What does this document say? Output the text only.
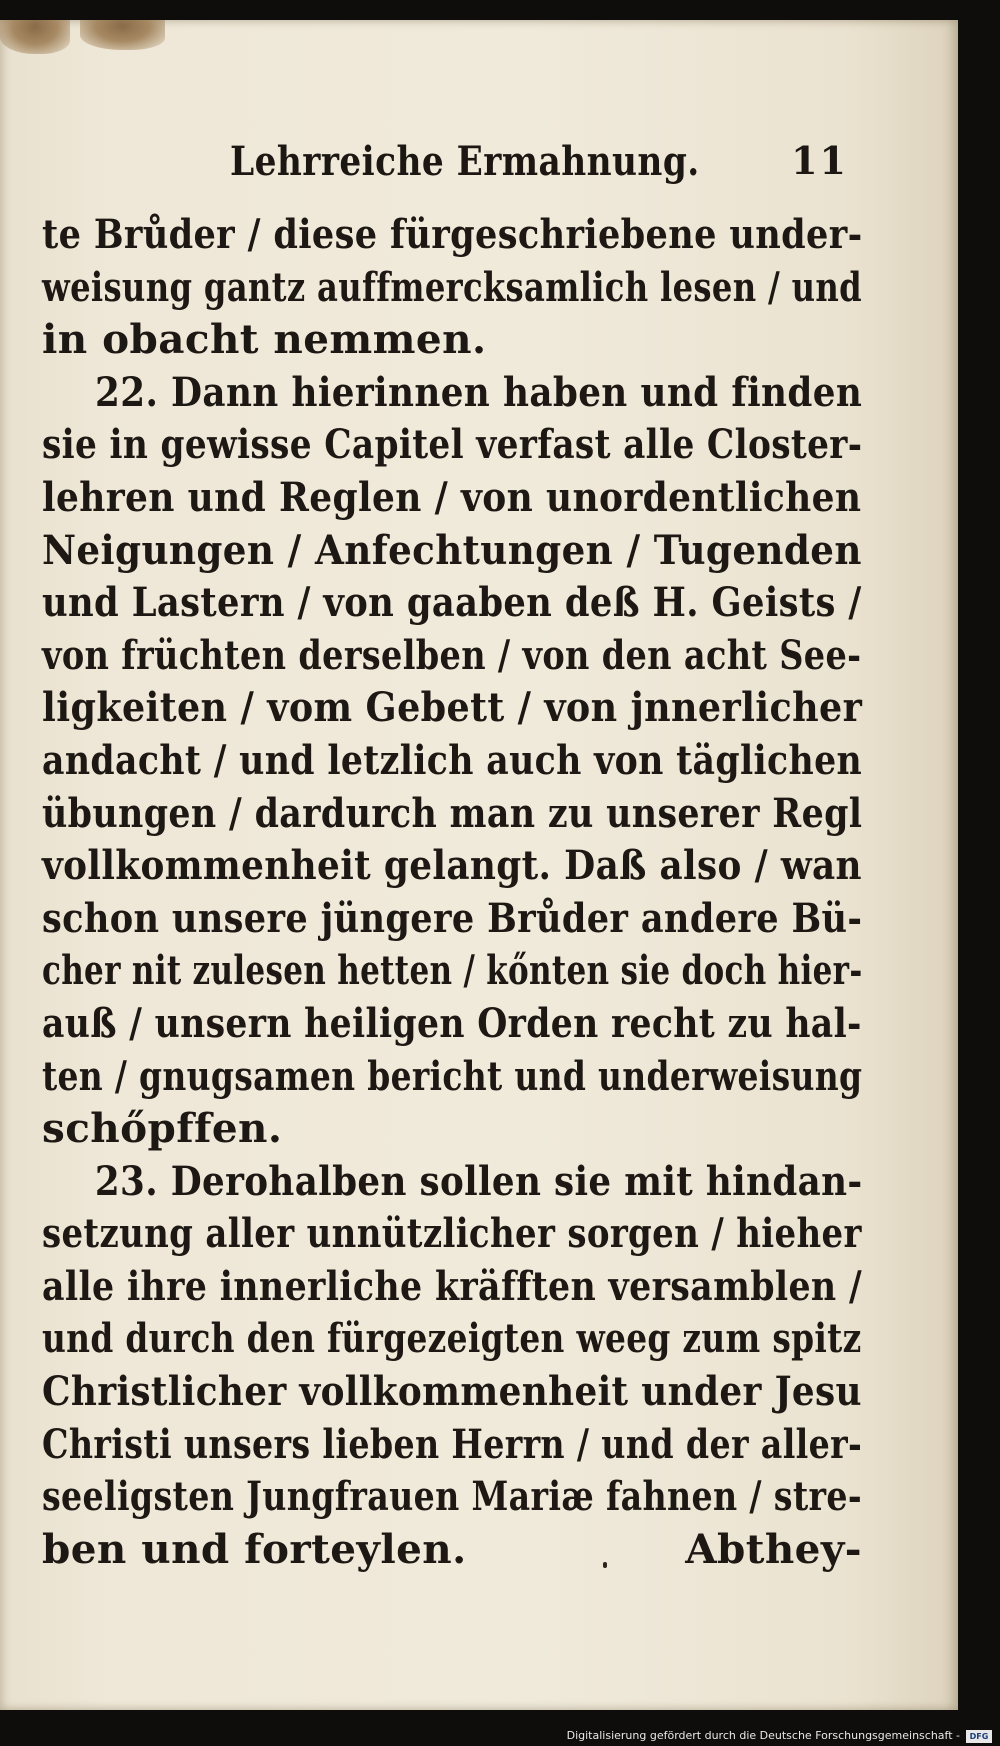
Lehrreiche Ermahnung. 11
te Brůder / diese fürgeschriebene under-
weisung gantz auffmercksamlich lesen / und
in obacht nemmen.
22. Dann hierinnen haben und finden
sie in gewisse Capitel verfast alle Closter-
lehren und Reglen / von unordentlichen
Neigungen / Anfechtungen / Tugenden
und Lastern / von gaaben deß H. Geists /
von früchten derselben / von den acht See-
ligkeiten / vom Gebett / von jnnerlicher
andacht / und letzlich auch von täglichen
übungen / dardurch man zu unserer Regl
vollkommenheit gelangt. Daß also / wan
schon unsere jüngere Brůder andere Bü-
cher nit zulesen hetten / kőnten sie doch hier-
auß / unsern heiligen Orden recht zu hal-
ten / gnugsamen bericht und underweisung
schőpffen.
23. Derohalben sollen sie mit hindan-
setzung aller unnützlicher sorgen / hieher
alle ihre innerliche kräfften versamblen /
und durch den fürgezeigten weeg zum spitz
Christlicher vollkommenheit under Jesu
Christi unsers lieben Herrn / und der aller-
seeligsten Jungfrauen Mariæ fahnen / stre-
ben und forteylen.	Abthey-
Digitalisierung gefördert durch die Deutsche Forschungsgemeinschaft -	DFG
